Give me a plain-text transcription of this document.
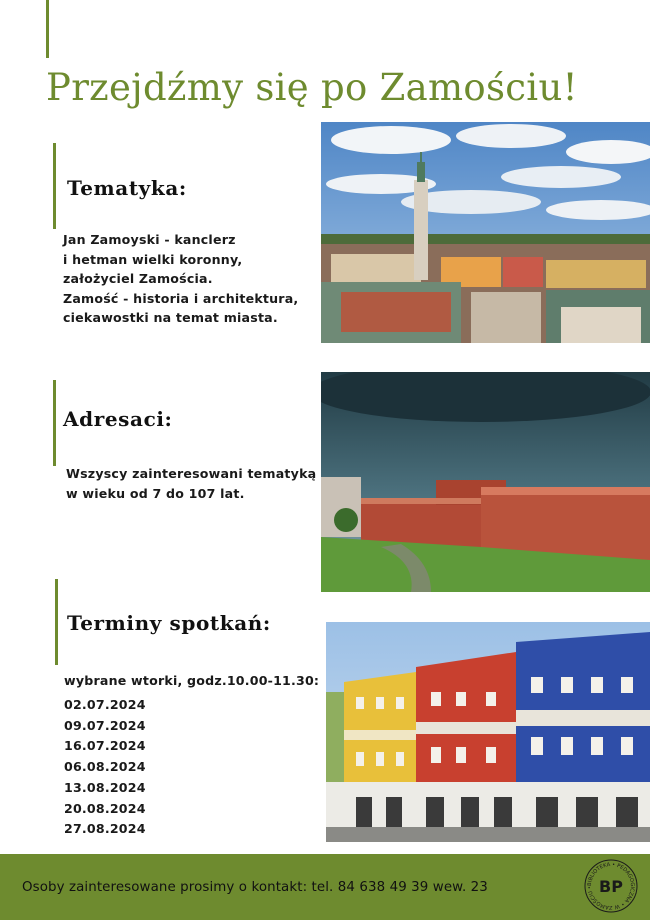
Przejdźmy się po Zamościu!
Tematyka:
Jan Zamoyski - kanclerz
i hetman wielki koronny,
założyciel Zamościa.
Zamość - historia i architektura,
ciekawostki na temat miasta.
Adresaci:
Wszyscy zainteresowani tematyką
w wieku od 7 do 107 lat.
Terminy spotkań:
wybrane wtorki, godz.10.00-11.30:
02.07.2024
09.07.2024
16.07.2024
06.08.2024
13.08.2024
20.08.2024
27.08.2024
Osoby zainteresowane prosimy o kontakt: tel. 84 638 49 39 wew. 23	BIBLIOTEKA • PEDAGOGICZNA • W ZAMOŚCIU • BP
